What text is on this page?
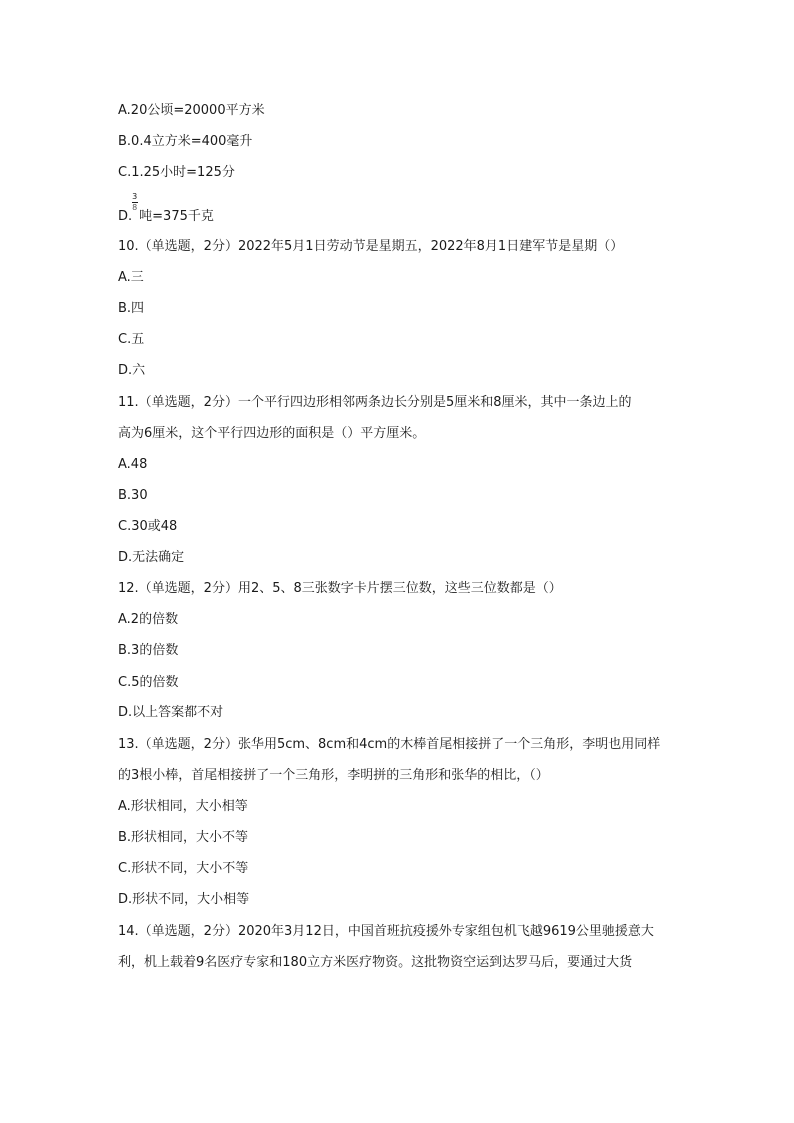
A.20公顷=20000平方米
B.0.4立方米=400毫升
C.1.25小时=125分
D. $\frac{3}{8}$ 吨=375千克
10.（单选题，2分）2022年5月1日劳动节是星期五，2022年8月1日建军节是星期（）
A.三
B.四
C.五
D.六
11.（单选题，2分）一个平行四边形相邻两条边长分别是5厘米和8厘米，其中一条边上的
高为6厘米，这个平行四边形的面积是（）平方厘米。
A.48
B.30
C.30或48
D.无法确定
12.（单选题，2分）用2、5、8三张数字卡片摆三位数，这些三位数都是（）
A.2的倍数
B.3的倍数
C.5的倍数
D.以上答案都不对
13.（单选题，2分）张华用5cm、8cm和4cm的木棒首尾相接拼了一个三角形，李明也用同样
的3根小棒，首尾相接拼了一个三角形，李明拼的三角形和张华的相比，（）
A.形状相同，大小相等
B.形状相同，大小不等
C.形状不同，大小不等
D.形状不同，大小相等
14.（单选题，2分）2020年3月12日，中国首班抗疫援外专家组包机飞越9619公里驰援意大
利，机上载着9名医疗专家和180立方米医疗物资。这批物资空运到达罗马后，要通过大货
